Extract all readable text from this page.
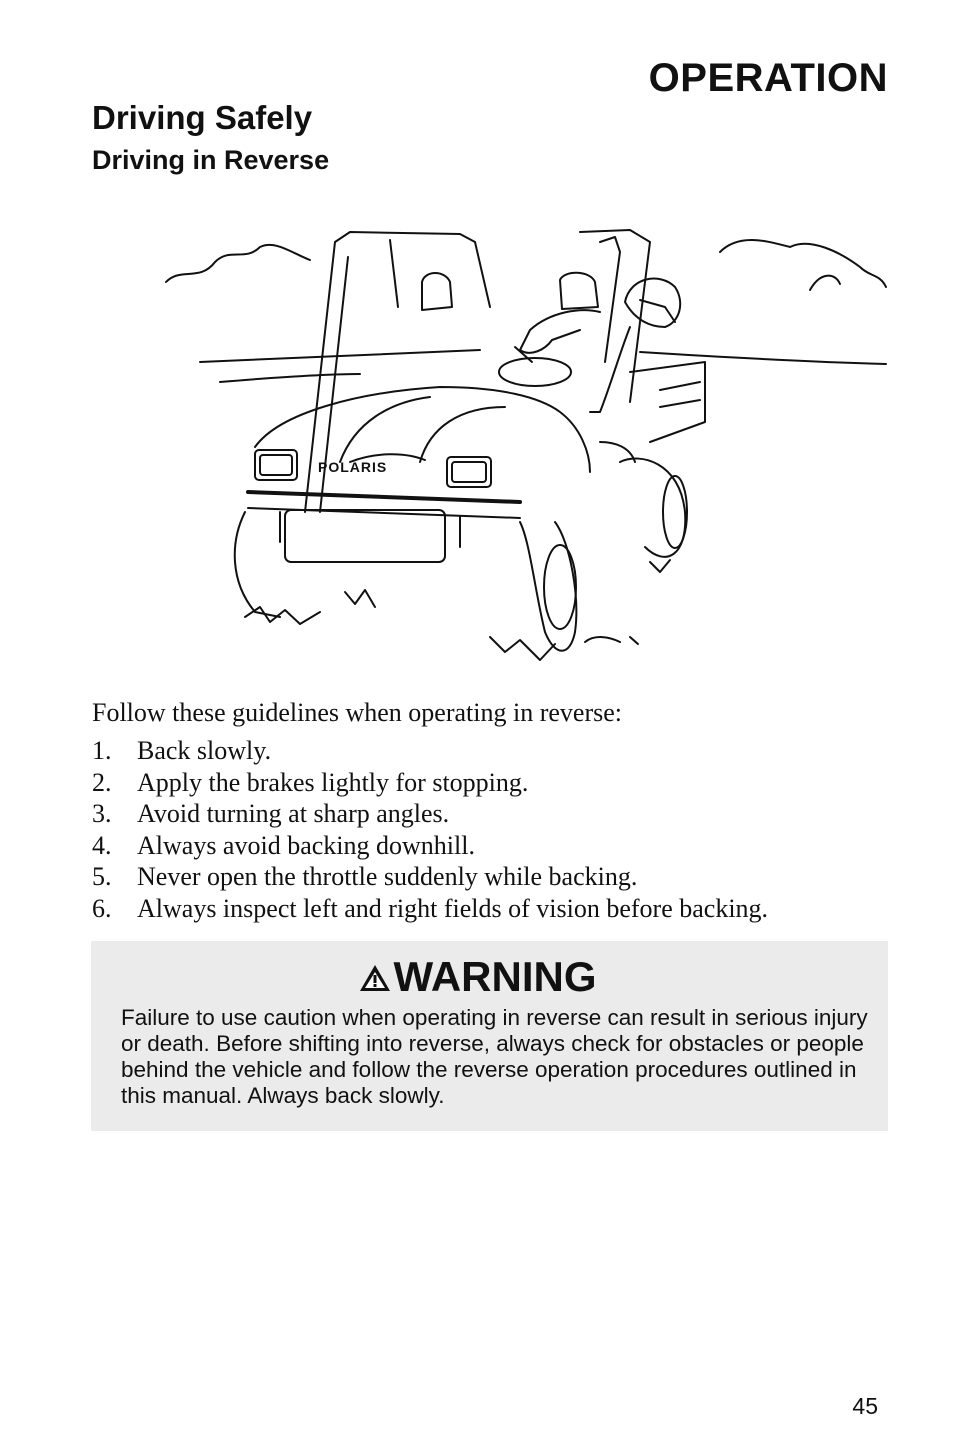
OPERATION
Driving Safely
Driving in Reverse
POLARIS
Follow these guidelines when operating in reverse:
1. Back slowly.
2. Apply the brakes lightly for stopping.
3. Avoid turning at sharp angles.
4. Always avoid backing downhill.
5. Never open the throttle suddenly while backing.
6. Always inspect left and right fields of vision before backing.
WARNING
Failure to use caution when operating in reverse can result in serious injury or death. Before shifting into reverse, always check for obstacles or people behind the vehicle and follow the reverse operation procedures outlined in this manual. Always back slowly.
45
